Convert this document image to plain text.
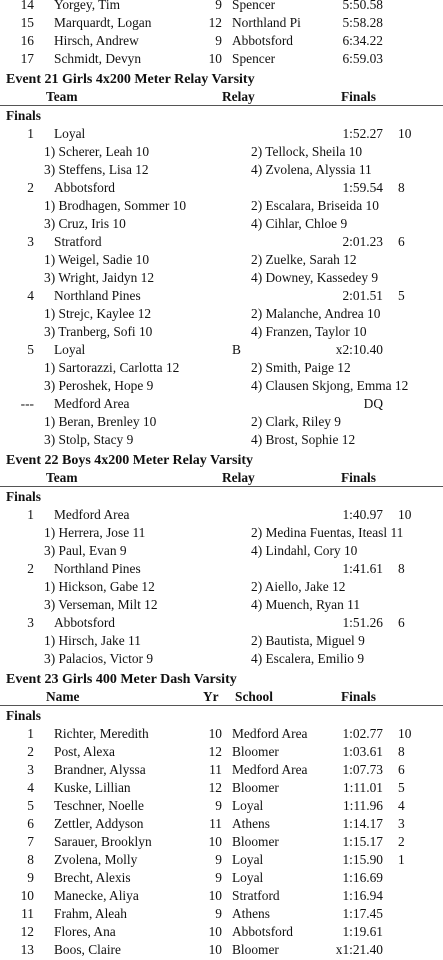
14 Yorgey, Tim	9 Spencer	5:50.58
15 Marquardt, Logan	12 Northland Pi	5:58.28
16 Hirsch, Andrew	9 Abbotsford	6:34.22
17 Schmidt, Devyn	10 Spencer	6:59.03
Event 21 Girls 4x200 Meter Relay Varsity
Team	Relay	Finals
Finals
1 Loyal	1:52.27 10
1) Scherer, Leah 10	2) Tellock, Sheila 10
3) Steffens, Lisa 12	4) Zvolena, Alyssia 11
2 Abbotsford	1:59.54 8
1) Brodhagen, Sommer 10	2) Escalara, Briseida 10
3) Cruz, Iris 10	4) Cihlar, Chloe 9
3 Stratford	2:01.23 6
1) Weigel, Sadie 10	2) Zuelke, Sarah 12
3) Wright, Jaidyn 12	4) Downey, Kassedey 9
4 Northland Pines	2:01.51 5
1) Strejc, Kaylee 12	2) Malanche, Andrea 10
3) Tranberg, Sofi 10	4) Franzen, Taylor 10
5 Loyal	B	x2:10.40
1) Sartorazzi, Carlotta 12	2) Smith, Paige 12
3) Peroshek, Hope 9	4) Clausen Skjong, Emma 12
--- Medford Area	DQ
1) Beran, Brenley 10	2) Clark, Riley 9
3) Stolp, Stacy 9	4) Brost, Sophie 12
Event 22 Boys 4x200 Meter Relay Varsity
Team	Relay	Finals
Finals
1 Medford Area	1:40.97 10
1) Herrera, Jose 11	2) Medina Fuentas, Iteasl 11
3) Paul, Evan 9	4) Lindahl, Cory 10
2 Northland Pines	1:41.61 8
1) Hickson, Gabe 12	2) Aiello, Jake 12
3) Verseman, Milt 12	4) Muench, Ryan 11
3 Abbotsford	1:51.26 6
1) Hirsch, Jake 11	2) Bautista, Miguel 9
3) Palacios, Victor 9	4) Escalera, Emilio 9
Event 23 Girls 400 Meter Dash Varsity
Name	Yr School	Finals
Finals
1 Richter, Meredith	10 Medford Area	1:02.77 10
2 Post, Alexa	12 Bloomer	1:03.61 8
3 Brandner, Alyssa	11 Medford Area	1:07.73 6
4 Kuske, Lillian	12 Bloomer	1:11.01 5
5 Teschner, Noelle	9 Loyal	1:11.96 4
6 Zettler, Addyson	11 Athens	1:14.17 3
7 Sarauer, Brooklyn	10 Bloomer	1:15.17 2
8 Zvolena, Molly	9 Loyal	1:15.90 1
9 Brecht, Alexis	9 Loyal	1:16.69
10 Manecke, Aliya	10 Stratford	1:16.94
11 Frahm, Aleah	9 Athens	1:17.45
12 Flores, Ana	10 Abbotsford	1:19.61
13 Boos, Claire	10 Bloomer	x1:21.40
